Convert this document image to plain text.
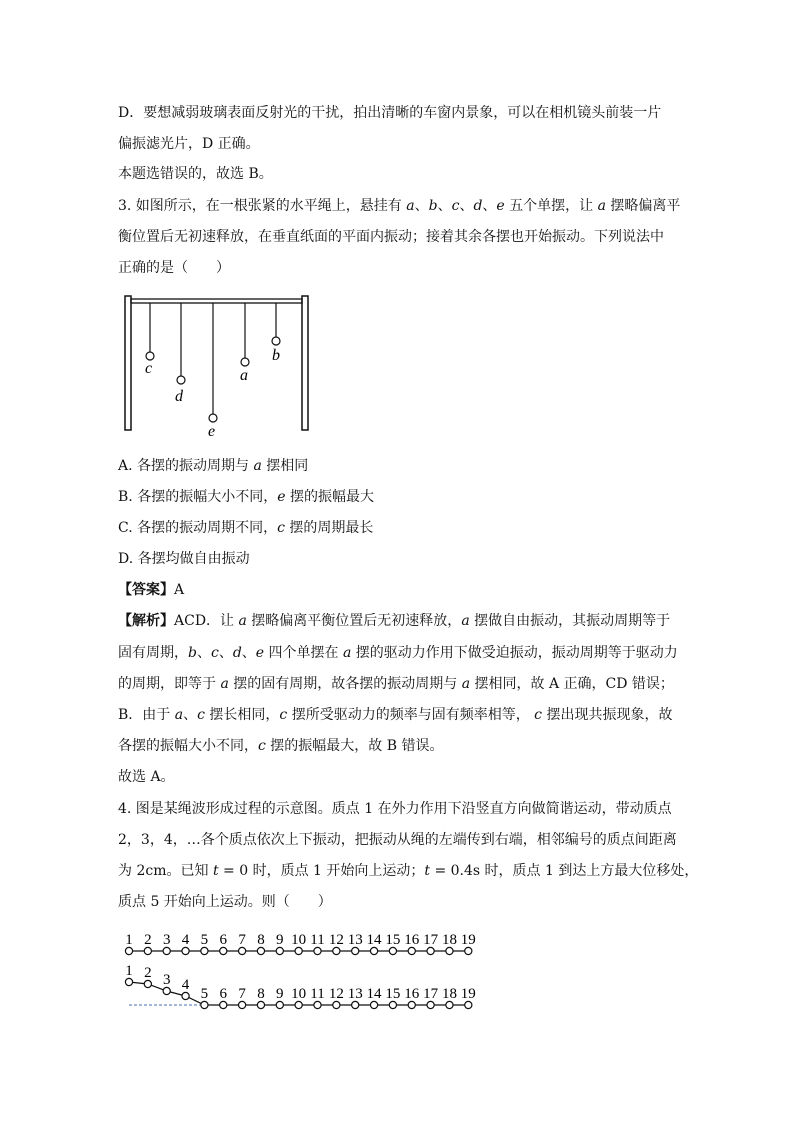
D．要想减弱玻璃表面反射光的干扰，拍出清晰的车窗内景象，可以在相机镜头前装一片
偏振滤光片，D 正确。
本题选错误的，故选 B。
3. 如图所示，在一根张紧的水平绳上，悬挂有 a、b、c、d、e 五个单摆，让 a 摆略偏离平
衡位置后无初速释放，在垂直纸面的平面内振动；接着其余各摆也开始振动。下列说法中
正确的是（　　）
c
d
e
a
b
A. 各摆的振动周期与 a 摆相同
B. 各摆的振幅大小不同，e 摆的振幅最大
C. 各摆的振动周期不同，c 摆的周期最长
D. 各摆均做自由振动
【答案】A
【解析】ACD．让 a 摆略偏离平衡位置后无初速释放，a 摆做自由振动，其振动周期等于
固有周期，b、c、d、e 四个单摆在 a 摆的驱动力作用下做受迫振动，振动周期等于驱动力
的周期，即等于 a 摆的固有周期，故各摆的振动周期与 a 摆相同，故 A 正确，CD 错误；
B．由于 a、c 摆长相同，c 摆所受驱动力的频率与固有频率相等， c 摆出现共振现象，故
各摆的振幅大小不同，c 摆的振幅最大，故 B 错误。
故选 A。
4. 图是某绳波形成过程的示意图。质点 1 在外力作用下沿竖直方向做简谐运动，带动质点
2，3，4，…各个质点依次上下振动，把振动从绳的左端传到右端，相邻编号的质点间距离
为 2cm。已知 t = 0 时，质点 1 开始向上运动；t = 0.4s 时，质点 1 到达上方最大位移处，
质点 5 开始向上运动。则（　　）
1 2 3 4 5 6 7 8 9 10 11 12 13 14 15 16 17 18 19
1 2 3 4
5 6 7 8 9 10 11 12 13 14 15 16 17 18 19
